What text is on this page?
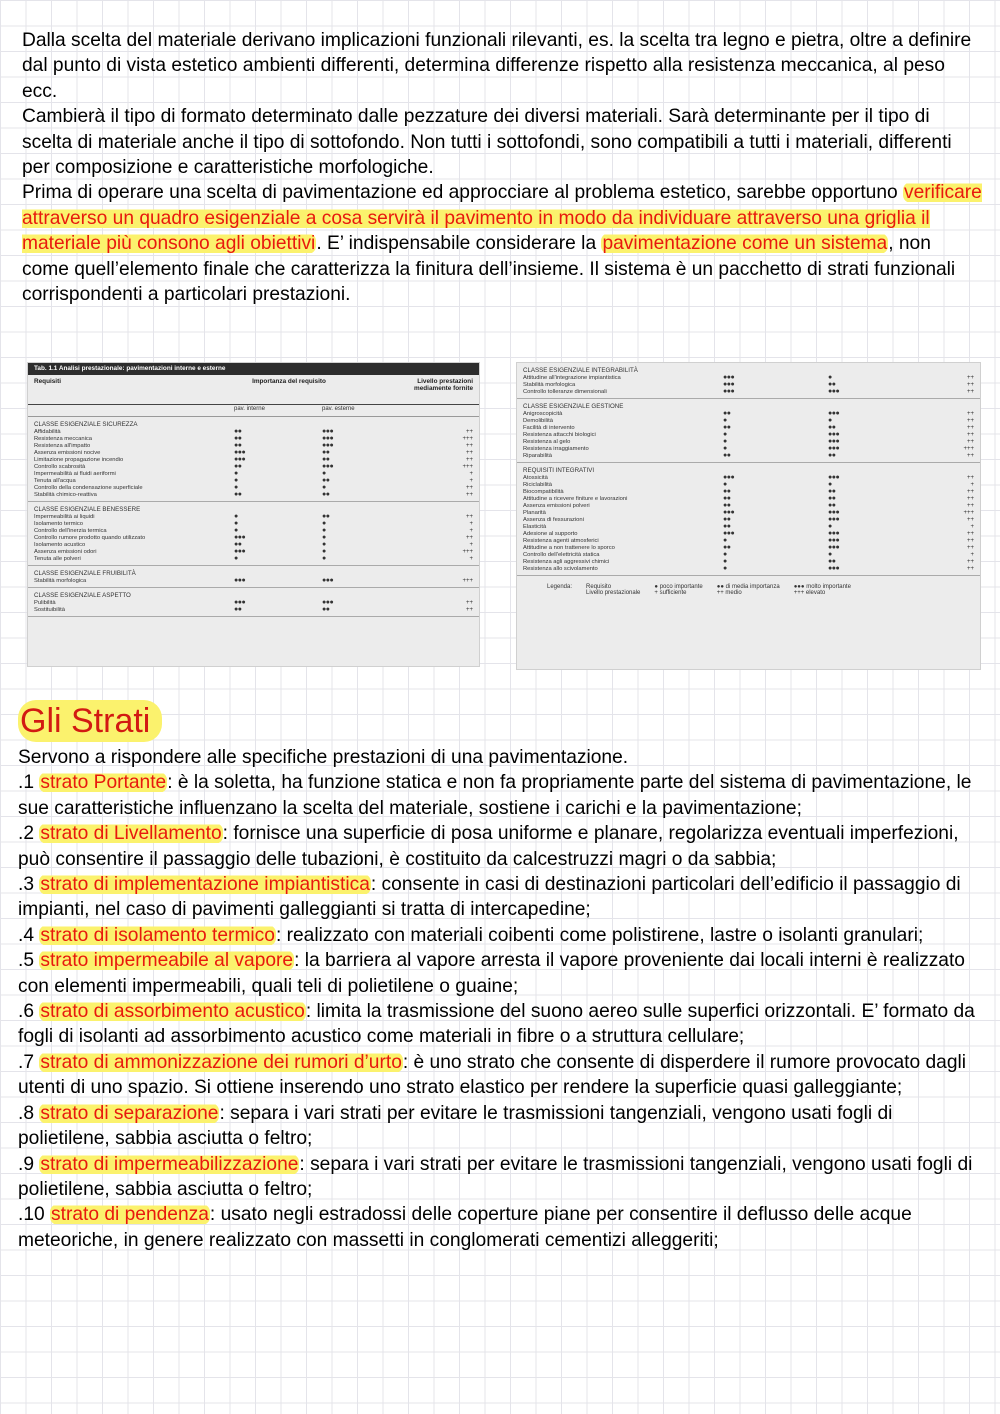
Dalla scelta del materiale derivano implicazioni funzionali rilevanti, es. la scelta tra legno e pietra, oltre a definire dal punto di vista estetico ambienti differenti, determina differenze rispetto alla resistenza meccanica, al peso ecc.

Cambierà il tipo di formato determinato dalle pezzature dei diversi materiali. Sarà determinante per il tipo di scelta di materiale anche il tipo di sottofondo. Non tutti i sottofondi, sono compatibili a tutti i materiali, differenti per composizione e caratteristiche morfologiche.

Prima di operare una scelta di pavimentazione ed approcciare al problema estetico, sarebbe opportuno verificare attraverso un quadro esigenziale a cosa servirà il pavimento in modo da individuare attraverso una griglia il materiale più consono agli obiettivi. E’ indispensabile considerare la pavimentazione come un sistema, non come quell’elemento finale che caratterizza la finitura dell’insieme. Il sistema è un pacchetto di strati funzionali corrispondenti a particolari prestazioni.

Tab. 1.1 Analisi prestazionale: pavimentazioni interne e esterne
Requisiti	Importanza del requisito	Livello prestazioni mediamente fornite
pav. interne	pav. esterne
CLASSE ESIGENZIALE SICUREZZA
Affidabilità	●●	●●●	++
Resistenza meccanica	●●	●●●	+++
Resistenza all'impatto	●●	●●●	++
Assenza emissioni nocive	●●●	●●	++
Limitazione propagazione incendio	●●●	●●	++
Controllo scabrosità	●●	●●●	+++
Impermeabilità ai fluidi aeriformi	●	●	+
Tenuta all'acqua	●	●●	+
Controllo della condensazione superficiale	●	●	++
Stabilità chimico-reattiva	●●	●●	++
CLASSE ESIGENZIALE BENESSERE
Impermeabilità ai liquidi	●	●●	++
Isolamento termico	●	●	+
Controllo dell'inerzia termica	●	●	+
Controllo rumore prodotto quando utilizzato	●●●	●	++
Isolamento acustico	●●	●	+
Assenza emissioni odori	●●●	●	+++
Tenuta alle polveri	●	●	+
CLASSE ESIGENZIALE FRUIBILITÀ
Stabilità morfologica	●●●	●●●	+++
CLASSE ESIGENZIALE ASPETTO
Pulibilità	●●●	●●●	++
Sostituibilità	●●	●●	++
CLASSE ESIGENZIALE INTEGRABILITÀ
Attitudine all'integrazione impiantistica	●●●	●	++
Stabilità morfologica	●●●	●●	++
Controllo tolleranze dimensionali	●●●	●●●	++
CLASSE ESIGENZIALE GESTIONE
Anigroscopicità	●●	●●●	++
Demolibilità	●	●	++
Facilità di intervento	●●	●●	++
Resistenza attacchi biologici	●	●●●	++
Resistenza al gelo	●	●●●	++
Resistenza irraggiamento	●	●●●	+++
Riparabilità	●●	●●	++
REQUISITI INTEGRATIVI
Atossicità	●●●	●●●	++
Riciclabilità	●	●	+
Biocompatibilità	●●	●●	++
Attitudine a ricevere finiture e lavorazioni	●●	●●	++
Assenza emissioni polveri	●●	●●	++
Planarità	●●●	●●●	+++
Assenza di fessurazioni	●●	●●●	++
Elasticità	●●	●	+
Adesione al supporto	●●●	●●●	++
Resistenza agenti atmosferici	●	●●●	++
Attitudine a non trattenere lo sporco	●●	●●●	++
Controllo dell'elettricità statica	●	●	+
Resistenza agli aggressivi chimici	●	●●	++
Resistenza allo scivolamento	●	●●●	++
Legenda: Requisito
Livello prestazionale
● poco importante
+ sufficiente
●● di media importanza
++ medio
●●● molto importante
+++ elevato
Gli Strati

Servono a rispondere alle specifiche prestazioni di una pavimentazione.

.1 strato Portante: è la soletta, ha funzione statica e non fa propriamente parte del sistema di pavimentazione, le sue caratteristiche influenzano la scelta del materiale, sostiene i carichi e la pavimentazione;

.2 strato di Livellamento: fornisce una superficie di posa uniforme e planare, regolarizza eventuali imperfezioni, può consentire il passaggio delle tubazioni, è costituito da calcestruzzi magri o da sabbia;

.3 strato di implementazione impiantistica: consente in casi di destinazioni particolari dell’edificio il passaggio di impianti, nel caso di pavimenti galleggianti si tratta di intercapedine;

.4 strato di isolamento termico: realizzato con materiali coibenti come polistirene, lastre o isolanti granulari;

.5 strato impermeabile al vapore: la barriera al vapore arresta il vapore proveniente dai locali interni è realizzato con elementi impermeabili, quali teli di polietilene o guaine;

.6 strato di assorbimento acustico: limita la trasmissione del suono aereo sulle superfici orizzontali. E’ formato da fogli di isolanti ad assorbimento acustico come materiali in fibre o a struttura cellulare;

.7 strato di ammonizzazione dei rumori d’urto: è uno strato che consente di disperdere il rumore provocato dagli utenti di uno spazio. Si ottiene inserendo uno strato elastico per rendere la superficie quasi galleggiante;

.8 strato di separazione: separa i vari strati per evitare le trasmissioni tangenziali, vengono usati fogli di polietilene, sabbia asciutta o feltro;

.9 strato di impermeabilizzazione: separa i vari strati per evitare le trasmissioni tangenziali, vengono usati fogli di polietilene, sabbia asciutta o feltro;

.10 strato di pendenza: usato negli estradossi delle coperture piane per consentire il deflusso delle acque meteoriche, in genere realizzato con massetti in conglomerati cementizi alleggeriti;
